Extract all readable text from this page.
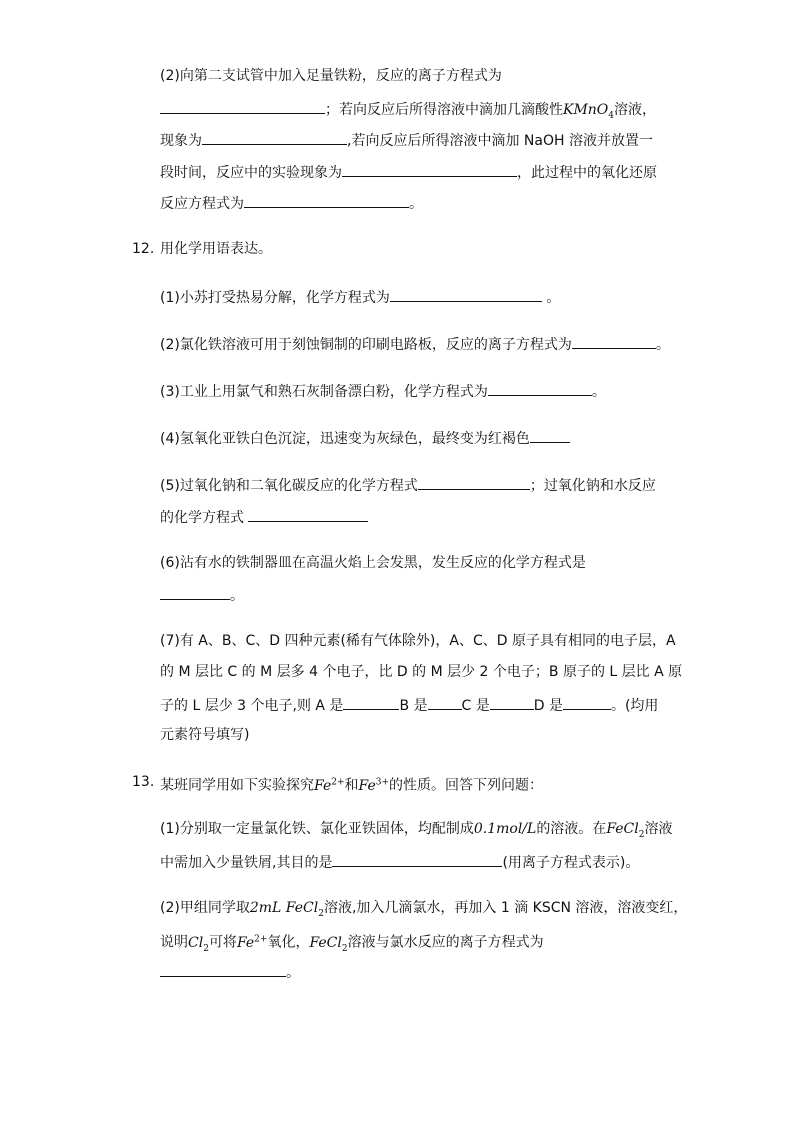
(2)向第二支试管中加入足量铁粉，反应的离子方程式为
；若向反应后所得溶液中滴加几滴酸性KMnO$_4$溶液，
现象为	,若向反应后所得溶液中滴加 NaOH 溶液并放置一
段时间，反应中的实验现象为	，此过程中的氧化还原
反应方程式为	。
12. 用化学用语表达。
(1)小苏打受热易分解，化学方程式为	。
(2)氯化铁溶液可用于刻蚀铜制的印刷电路板，反应的离子方程式为	。
(3)工业上用氯气和熟石灰制备漂白粉，化学方程式为	。
(4)氢氧化亚铁白色沉淀，迅速变为灰绿色，最终变为红褐色
(5)过氧化钠和二氧化碳反应的化学方程式	；过氧化钠和水反应
的化学方程式
(6)沾有水的铁制器皿在高温火焰上会发黑，发生反应的化学方程式是
。
(7)有 A、B、C、D 四种元素(稀有气体除外)，A、C、D 原子具有相同的电子层，A
的 M 层比 C 的 M 层多 4 个电子，比 D 的 M 层少 2 个电子；B 原子的 L 层比 A 原
子的 L 层少 3 个电子,则 A 是	B 是 C 是	D 是	。(均用
元素符号填写)
13. 某班同学用如下实验探究$Fe^{2+}$和$Fe^{3+}$的性质。回答下列问题：
(1)分别取一定量氯化铁、氯化亚铁固体，均配制成0.1mol/L的溶液。在FeCl$_2$溶液
中需加入少量铁屑,其目的是	(用离子方程式表示)。
(2)甲组同学取2mL FeCl$_2$溶液,加入几滴氯水，再加入 1 滴 KSCN 溶液，溶液变红，
说明$Cl_2$可将$Fe^{2+}$氧化，FeCl$_2$溶液与氯水反应的离子方程式为
。
